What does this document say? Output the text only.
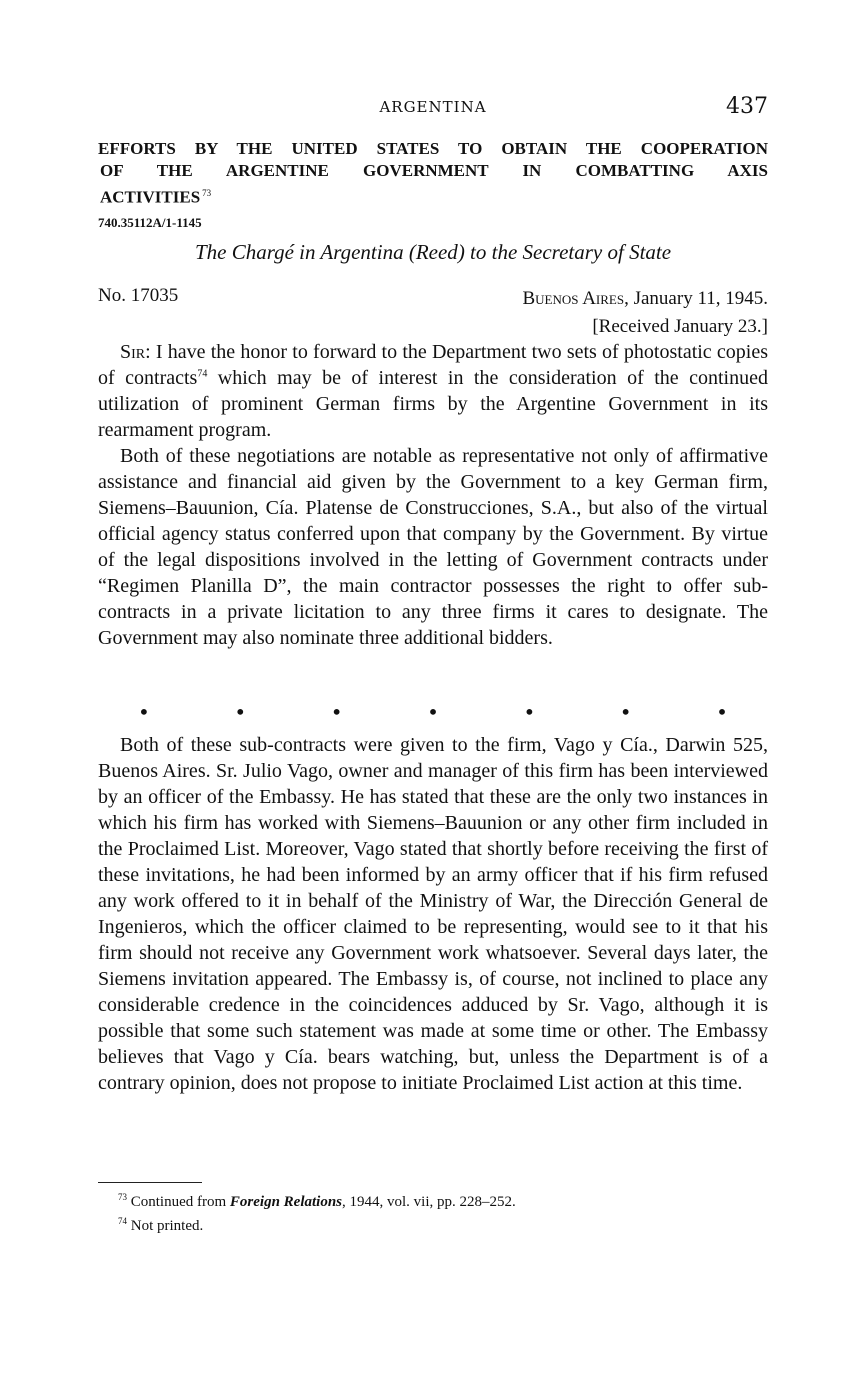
ARGENTINA	437
EFFORTS BY THE UNITED STATES TO OBTAIN THE COOPERATION
OF THE ARGENTINE GOVERNMENT IN COMBATTING AXIS
ACTIVITIES $^{73}$
740.35112A/1-1145
The Chargé in Argentina (Reed) to the Secretary of State
No. 17035	Buenos Aires, January 11, 1945.
[Received January 23.]

Sir: I have the honor to forward to the Department two sets of photostatic copies of contracts$^{74}$ which may be of interest in the consideration of the continued utilization of prominent German firms by the Argentine Government in its rearmament program.

Both of these negotiations are notable as representative not only of affirmative assistance and financial aid given by the Government to a key German firm, Siemens–Bauunion, Cía. Platense de Construcciones, S.A., but also of the virtual official agency status conferred upon that company by the Government. By virtue of the legal dispositions involved in the letting of Government contracts under “Regimen Planilla D”, the main contractor possesses the right to offer sub-contracts in a private licitation to any three firms it cares to designate. The Government may also nominate three additional bidders.

•	•	•	•	•	•	•

Both of these sub-contracts were given to the firm, Vago y Cía., Darwin 525, Buenos Aires. Sr. Julio Vago, owner and manager of this firm has been interviewed by an officer of the Embassy. He has stated that these are the only two instances in which his firm has worked with Siemens–Bauunion or any other firm included in the Proclaimed List. Moreover, Vago stated that shortly before receiving the first of these invitations, he had been informed by an army officer that if his firm refused any work offered to it in behalf of the Ministry of War, the Dirección General de Ingenieros, which the officer claimed to be representing, would see to it that his firm should not receive any Government work whatsoever. Several days later, the Siemens invitation appeared. The Embassy is, of course, not inclined to place any considerable credence in the coincidences adduced by Sr. Vago, although it is possible that some such statement was made at some time or other. The Embassy believes that Vago y Cía. bears watching, but, unless the Department is of a contrary opinion, does not propose to initiate Proclaimed List action at this time.

$^{73}$ Continued from Foreign Relations, 1944, vol. vii, pp. 228–252.
$^{74}$ Not printed.
